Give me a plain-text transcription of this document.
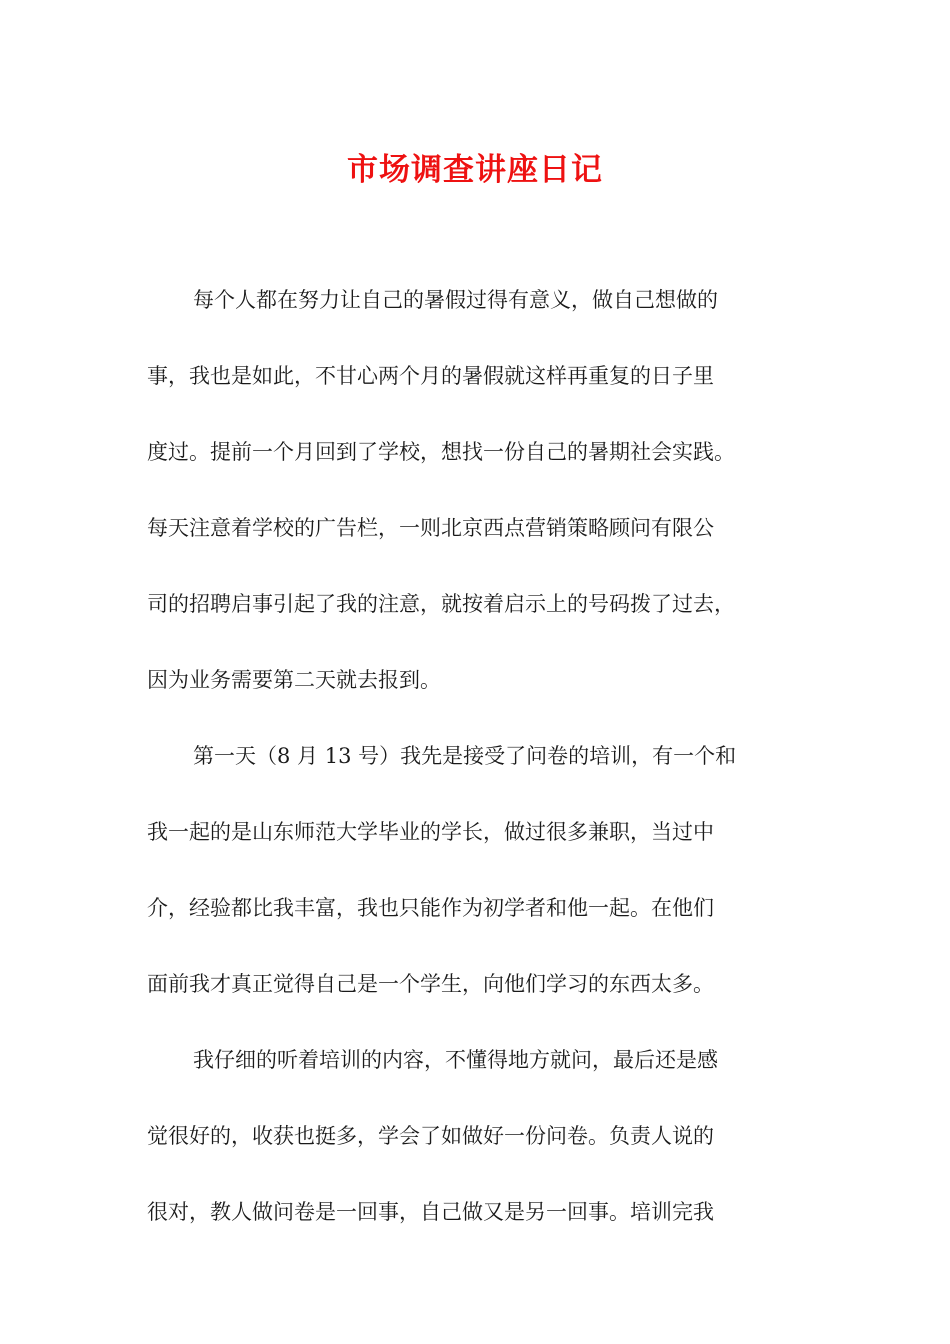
市场调查讲座日记
每个人都在努力让自己的暑假过得有意义，做自己想做的
事，我也是如此，不甘心两个月的暑假就这样再重复的日子里
度过。提前一个月回到了学校，想找一份自己的暑期社会实践。
每天注意着学校的广告栏，一则北京西点营销策略顾问有限公
司的招聘启事引起了我的注意，就按着启示上的号码拨了过去，
因为业务需要第二天就去报到。
第一天（8 月 13 号）我先是接受了问卷的培训，有一个和
我一起的是山东师范大学毕业的学长，做过很多兼职，当过中
介，经验都比我丰富，我也只能作为初学者和他一起。在他们
面前我才真正觉得自己是一个学生，向他们学习的东西太多。
我仔细的听着培训的内容，不懂得地方就问，最后还是感
觉很好的，收获也挺多，学会了如做好一份问卷。负责人说的
很对，教人做问卷是一回事，自己做又是另一回事。培训完我
